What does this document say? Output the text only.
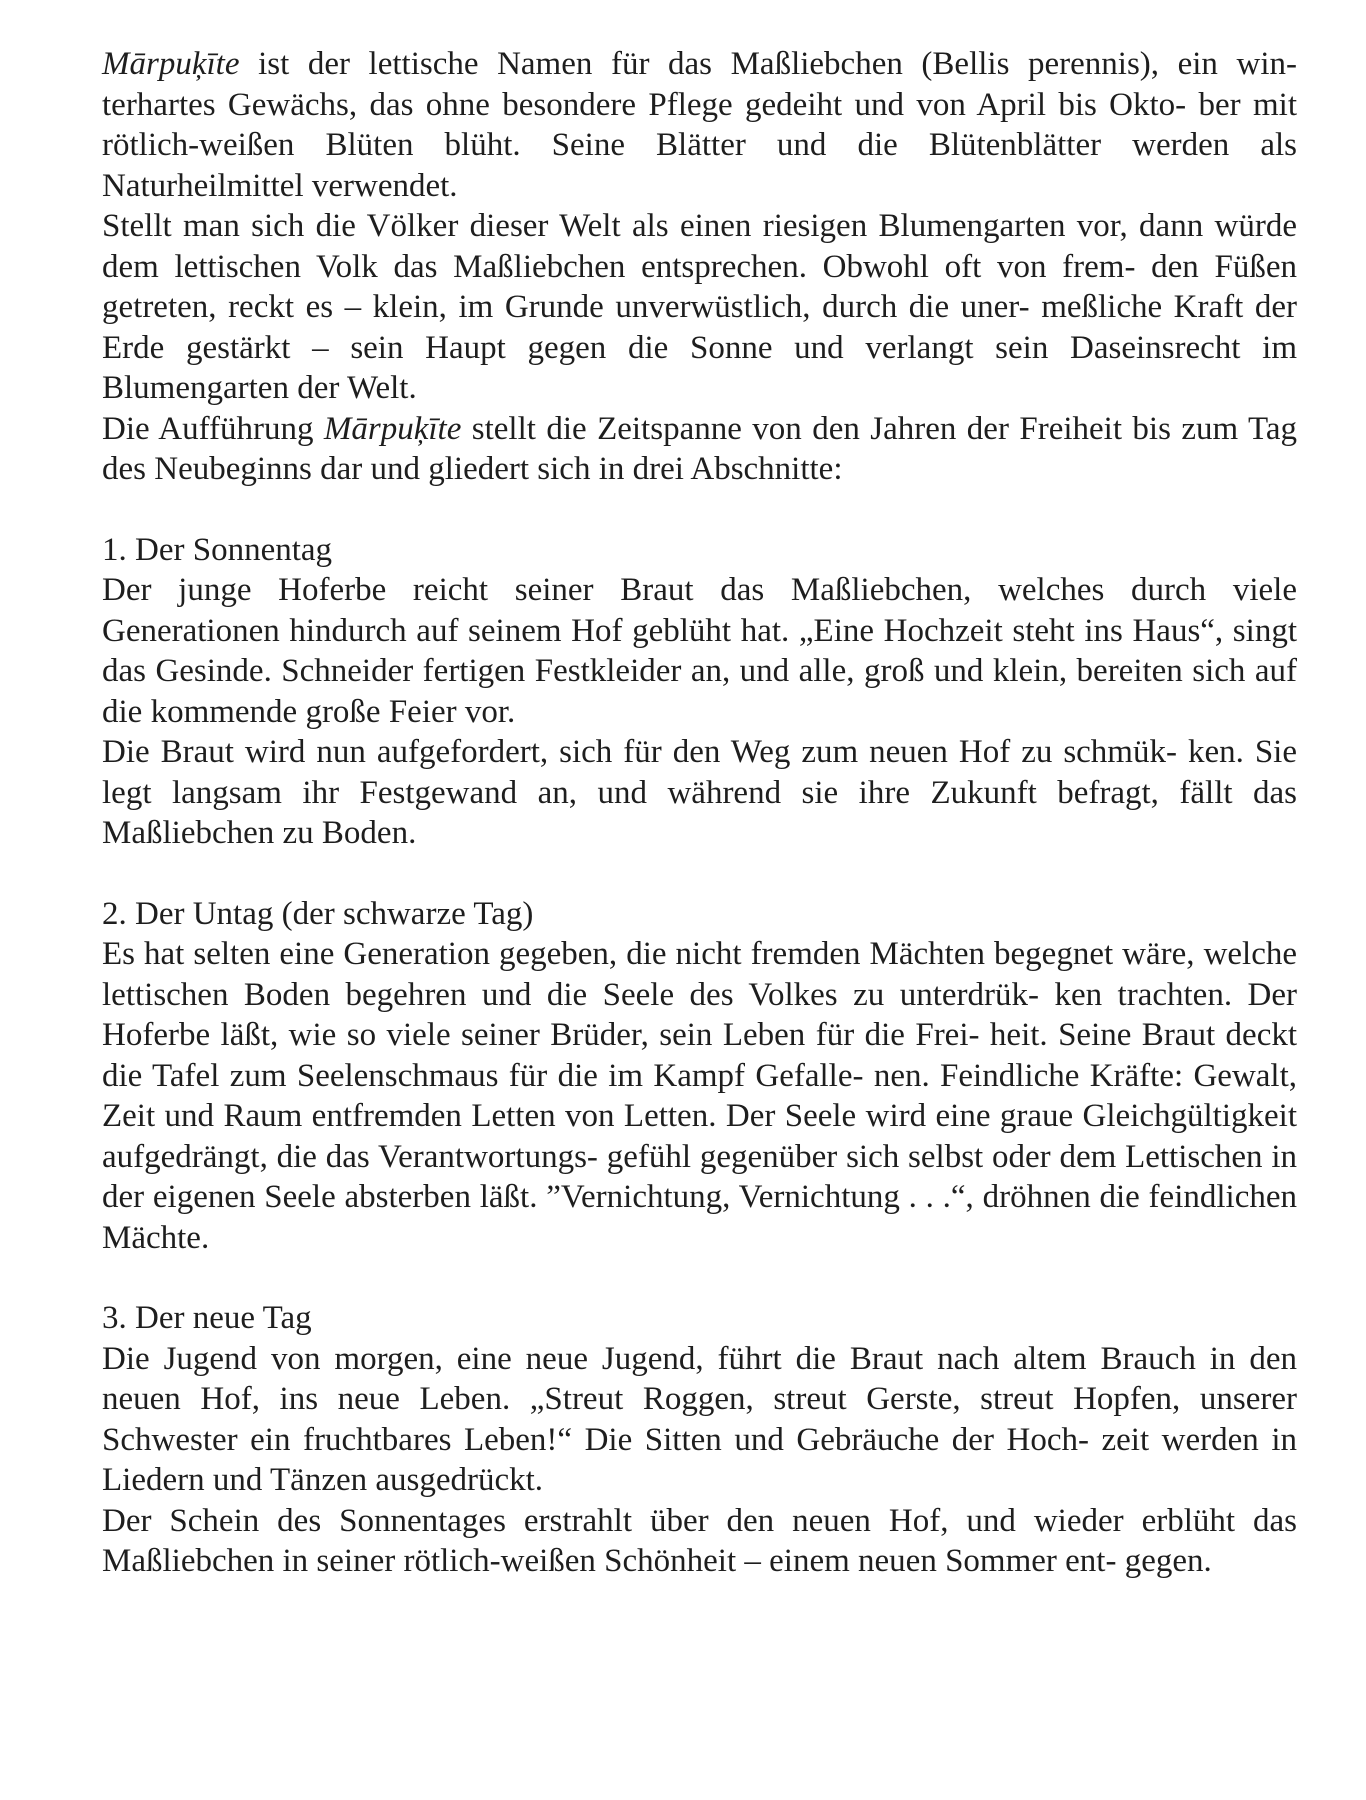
Mārpuķīte ist der lettische Namen für das Maßliebchen (Bellis perennis), ein win- terhartes Gewächs, das ohne besondere Pflege gedeiht und von April bis Okto- ber mit rötlich-weißen Blüten blüht. Seine Blätter und die Blütenblätter werden als Naturheilmittel verwendet.

Stellt man sich die Völker dieser Welt als einen riesigen Blumengarten vor, dann würde dem lettischen Volk das Maßliebchen entsprechen. Obwohl oft von frem- den Füßen getreten, reckt es – klein, im Grunde unverwüstlich, durch die uner- meßliche Kraft der Erde gestärkt – sein Haupt gegen die Sonne und verlangt sein Daseinsrecht im Blumengarten der Welt.

Die Aufführung Mārpuķīte stellt die Zeitspanne von den Jahren der Freiheit bis zum Tag des Neubeginns dar und gliedert sich in drei Abschnitte:

1. Der Sonnentag

Der junge Hoferbe reicht seiner Braut das Maßliebchen, welches durch viele Generationen hindurch auf seinem Hof geblüht hat. „Eine Hochzeit steht ins Haus“, singt das Gesinde. Schneider fertigen Festkleider an, und alle, groß und klein, bereiten sich auf die kommende große Feier vor.

Die Braut wird nun aufgefordert, sich für den Weg zum neuen Hof zu schmük- ken. Sie legt langsam ihr Festgewand an, und während sie ihre Zukunft befragt, fällt das Maßliebchen zu Boden.

2. Der Untag (der schwarze Tag)

Es hat selten eine Generation gegeben, die nicht fremden Mächten begegnet wäre, welche lettischen Boden begehren und die Seele des Volkes zu unterdrük- ken trachten. Der Hoferbe läßt, wie so viele seiner Brüder, sein Leben für die Frei- heit. Seine Braut deckt die Tafel zum Seelenschmaus für die im Kampf Gefalle- nen. Feindliche Kräfte: Gewalt, Zeit und Raum entfremden Letten von Letten. Der Seele wird eine graue Gleichgültigkeit aufgedrängt, die das Verantwortungs- gefühl gegenüber sich selbst oder dem Lettischen in der eigenen Seele absterben läßt. ”Vernichtung, Vernichtung . . .“, dröhnen die feindlichen Mächte.

3. Der neue Tag

Die Jugend von morgen, eine neue Jugend, führt die Braut nach altem Brauch in den neuen Hof, ins neue Leben. „Streut Roggen, streut Gerste, streut Hopfen, unserer Schwester ein fruchtbares Leben!“ Die Sitten und Gebräuche der Hoch- zeit werden in Liedern und Tänzen ausgedrückt.

Der Schein des Sonnentages erstrahlt über den neuen Hof, und wieder erblüht das Maßliebchen in seiner rötlich-weißen Schönheit – einem neuen Sommer ent- gegen.
